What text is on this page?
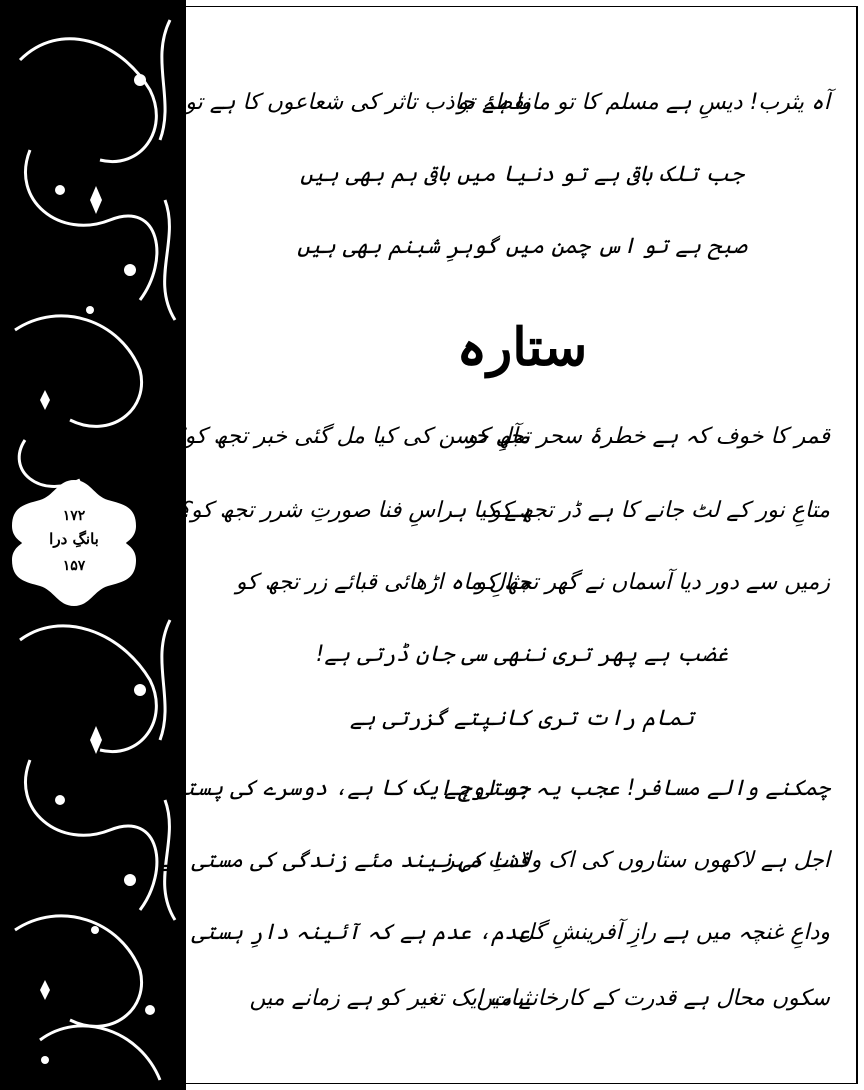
۱۷۲
بانگِ درا
۱۵۷
آہ یثرب! دیسِ ہے مسلم کا تو ماوا ہے تو
نقطۂ جاذب تاثر کی شعاعوں کا ہے تو
جب تلک باقی ہے تو دنیا میں باقی ہم بھی ہیں
صبح ہے تو اس چمن میں گوہرِ شبنم بھی ہیں
ستارہ
قمر کا خوف کہ ہے خطرۂ سحر تجھ کو
مآلِ حسن کی کیا مل گئی خبر تجھ کو؟
متاعِ نور کے لٹ جانے کا ہے ڈر تجھ کو
ہے کیا ہراسِ فنا صورتِ شرر تجھ کو؟
زمیں سے دور دیا آسماں نے گھر تجھ کو
مثالِ ماہ اڑھائی قبائے زر تجھ کو
غضب ہے پھر تری ننھی سی جان ڈرتی ہے!
تمام رات تری کانپتے گزرتی ہے
چمکنے والے مسافر! عجب یہ بستی ہے
جو اوج ایک کا ہے، دوسرے کی پستی ہے
اجل ہے لاکھوں ستاروں کی اک ولادتِ مہر
فنا کی نیند مئے زندگی کی مستی ہے
وداعِ غنچہ میں ہے رازِ آفرینشِ گل
عدم، عدم ہے کہ آئینہ دارِ ہستی ہے!
سکوں محال ہے قدرت کے کارخانے میں
ثبات ایک تغیر کو ہے زمانے میں
